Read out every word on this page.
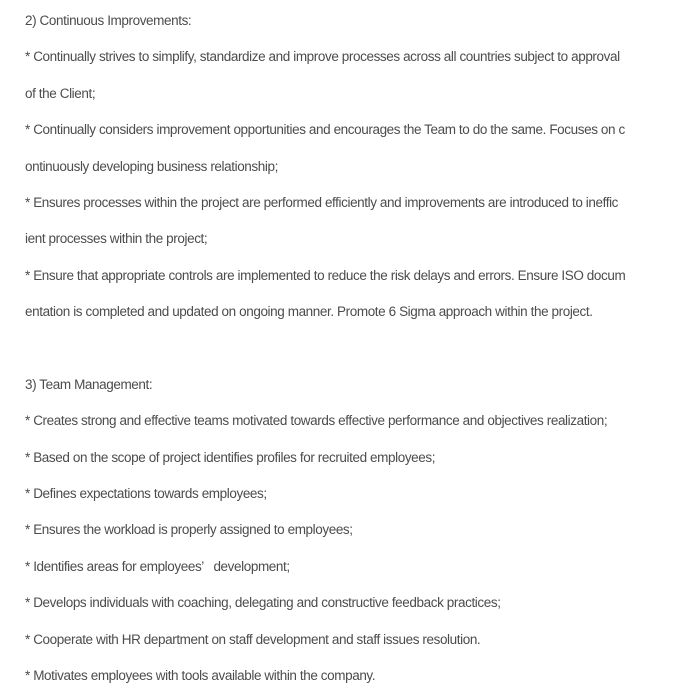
2) Continuous Improvements:
* Continually strives to simplify, standardize and improve processes across all countries subject to approval
of the Client;
* Continually considers improvement opportunities and encourages the Team to do the same. Focuses on c
ontinuously developing business relationship;
* Ensures processes within the project are performed efficiently and improvements are introduced to ineffic
ient processes within the project;
* Ensure that appropriate controls are implemented to reduce the risk delays and errors. Ensure ISO docum
entation is completed and updated on ongoing manner. Promote 6 Sigma approach within the project.
3) Team Management:
* Creates strong and effective teams motivated towards effective performance and objectives realization;
* Based on the scope of project identifies profiles for recruited employees;
* Defines expectations towards employees;
* Ensures the workload is properly assigned to employees;
* Identifies areas for employees’   development;
* Develops individuals with coaching, delegating and constructive feedback practices;
* Cooperate with HR department on staff development and staff issues resolution.
* Motivates employees with tools available within the company.
